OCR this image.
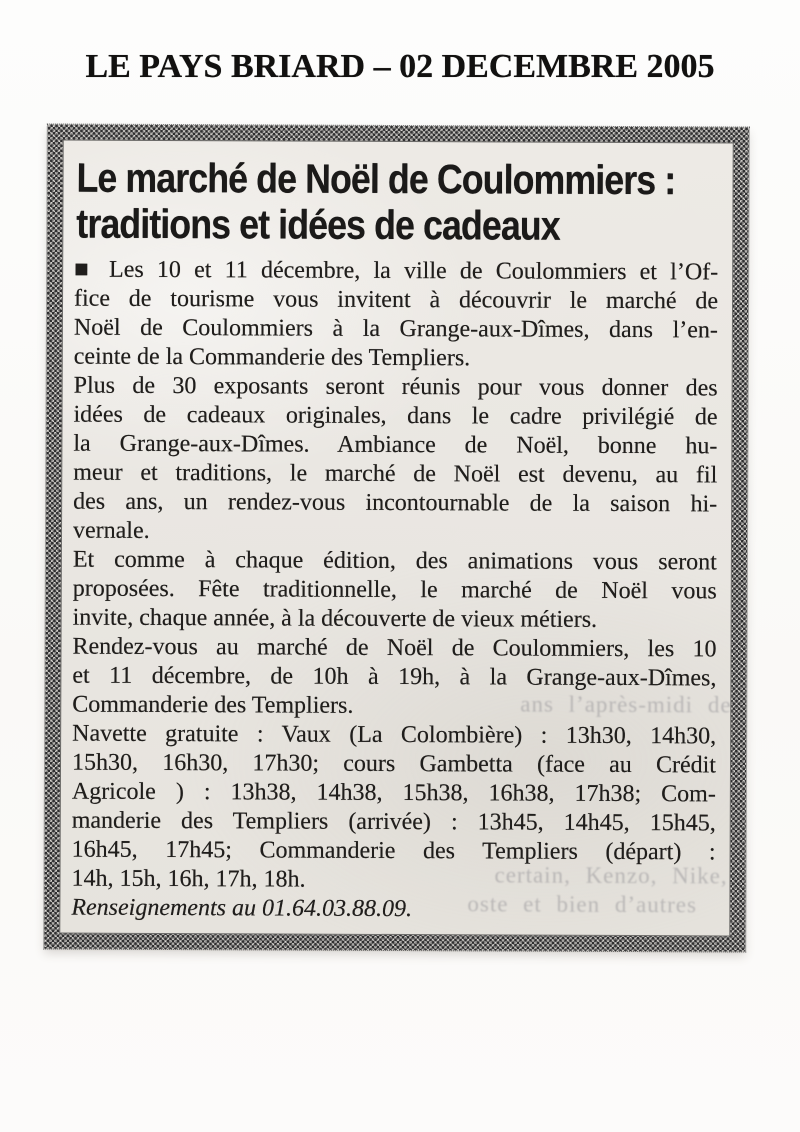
LE PAYS BRIARD – 02 DECEMBRE 2005
Le marché de Noël de Coulommiers :
traditions et idées de cadeaux
■ Les 10 et 11 décembre, la ville de Coulommiers et l’Of-
fice de tourisme vous invitent à découvrir le marché de
Noël de Coulommiers à la Grange-aux-Dîmes, dans l’en-
ceinte de la Commanderie des Templiers.
Plus de 30 exposants seront réunis pour vous donner des
idées de cadeaux originales, dans le cadre privilégié de
la Grange-aux-Dîmes. Ambiance de Noël, bonne hu-
meur et traditions, le marché de Noël est devenu, au fil
des ans, un rendez-vous incontournable de la saison hi-
vernale.
Et comme à chaque édition, des animations vous seront
proposées. Fête traditionnelle, le marché de Noël vous
invite, chaque année, à la découverte de vieux métiers.
Rendez-vous au marché de Noël de Coulommiers, les 10
et 11 décembre, de 10h à 19h, à la Grange-aux-Dîmes,
Commanderie des Templiers.
Navette gratuite : Vaux (La Colombière) : 13h30, 14h30,
15h30, 16h30, 17h30; cours Gambetta (face au Crédit
Agricole ) : 13h38, 14h38, 15h38, 16h38, 17h38; Com-
manderie des Templiers (arrivée) : 13h45, 14h45, 15h45,
16h45, 17h45; Commanderie des Templiers (départ) :
14h, 15h, 16h, 17h, 18h.
Renseignements au 01.64.03.88.09.
ans l’après-midi de
certain, Kenzo, Nike,
oste et bien d’autres
